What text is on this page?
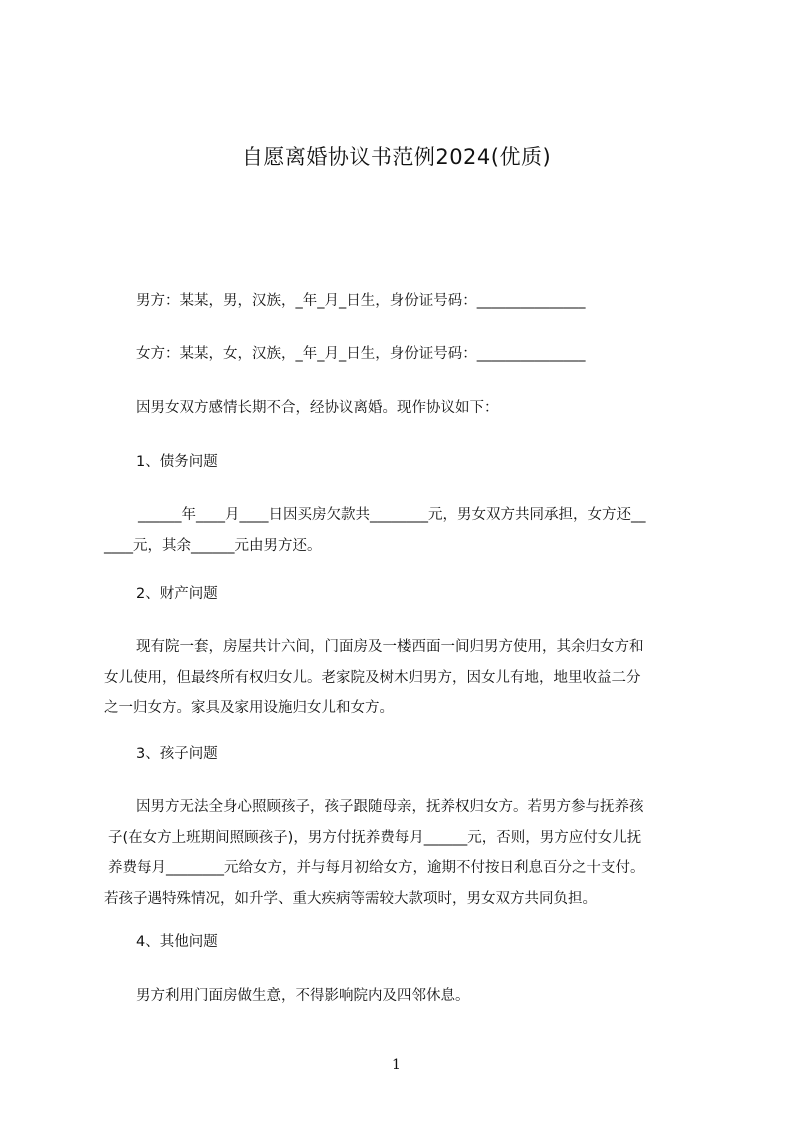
自愿离婚协议书范例2024(优质)
男方：某某，男，汉族，_年_月_日生，身份证号码：_______________
女方：某某，女，汉族，_年_月_日生，身份证号码：_______________
因男女双方感情长期不合，经协议离婚。现作协议如下：
1、债务问题
______年____月____日因买房欠款共________元，男女双方共同承担，女方还__
____元，其余______元由男方还。
2、财产问题
现有院一套，房屋共计六间，门面房及一楼西面一间归男方使用，其余归女方和
女儿使用，但最终所有权归女儿。老家院及树木归男方，因女儿有地，地里收益二分
之一归女方。家具及家用设施归女儿和女方。
3、孩子问题
因男方无法全身心照顾孩子，孩子跟随母亲，抚养权归女方。若男方参与抚养孩
子(在女方上班期间照顾孩子)，男方付抚养费每月______元，否则，男方应付女儿抚
养费每月________元给女方，并与每月初给女方，逾期不付按日利息百分之十支付。
若孩子遇特殊情况，如升学、重大疾病等需较大款项时，男女双方共同负担。
4、其他问题
男方利用门面房做生意，不得影响院内及四邻休息。
1
